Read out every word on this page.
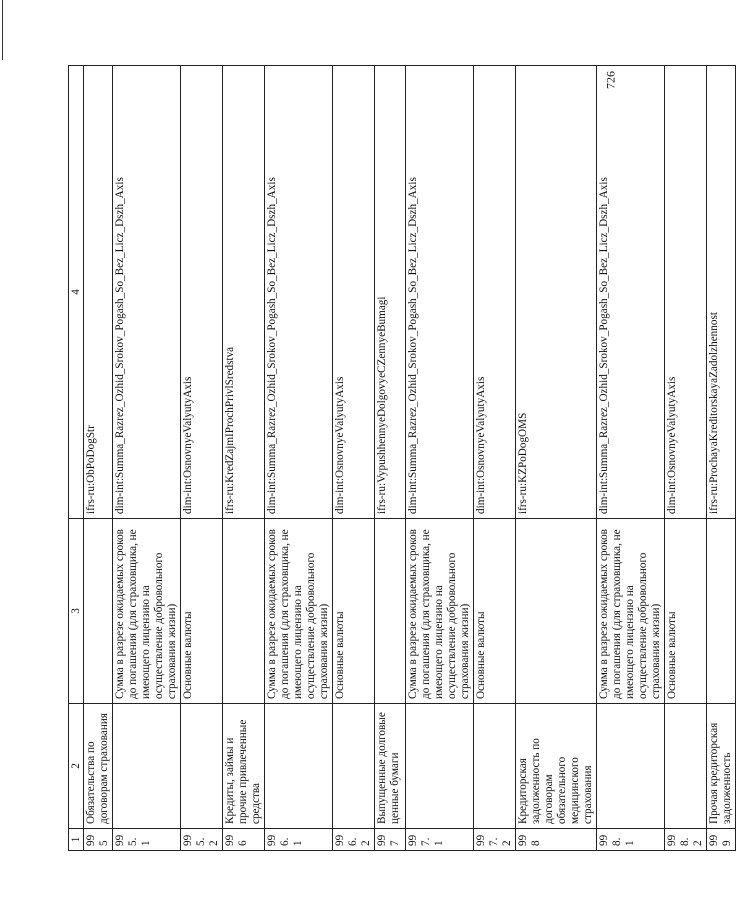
726
1	2	3	4
995	Обязательства по договорам страхования		ifrs-ru:ObPoDogStr
995.1		Сумма в разрезе ожидаемых сроков до погашения (для страховщика, не имеющего лицензию на осуществление добровольного страхования жизни)	dim-int:Summa_Razrez_Ozhid_Srokov_Pogash_So_Bez_Licz_Dszh_Axis
995.2		Основные валюты	dim-int:OsnovnyeValyutyAxis
996	Кредиты, займы и прочие привлеченные средства		ifrs-ru:KredZajmIProchPrivlSredstva
996.1		Сумма в разрезе ожидаемых сроков до погашения (для страховщика, не имеющего лицензию на осуществление добровольного страхования жизни)	dim-int:Summa_Razrez_Ozhid_Srokov_Pogash_So_Bez_Licz_Dszh_Axis
996.2		Основные валюты	dim-int:OsnovnyeValyutyAxis
997	Выпущенные долговые ценные бумаги		ifrs-ru:VypushhennyeDolgovyeCZennyeBumagi
997.1		Сумма в разрезе ожидаемых сроков до погашения (для страховщика, не имеющего лицензию на осуществление добровольного страхования жизни)	dim-int:Summa_Razrez_Ozhid_Srokov_Pogash_So_Bez_Licz_Dszh_Axis
997.2		Основные валюты	dim-int:OsnovnyeValyutyAxis
998	Кредиторская задолженность по договорам обязательного медицинского страхования		ifrs-ru:KZPoDogOMS
998.1		Сумма в разрезе ожидаемых сроков до погашения (для страховщика, не имеющего лицензию на осуществление добровольного страхования жизни)	dim-int:Summa_Razrez_Ozhid_Srokov_Pogash_So_Bez_Licz_Dszh_Axis
998.2		Основные валюты	dim-int:OsnovnyeValyutyAxis
999	Прочая кредиторская задолженность		ifrs-ru:ProchayaKreditorskayaZadolzhennost
